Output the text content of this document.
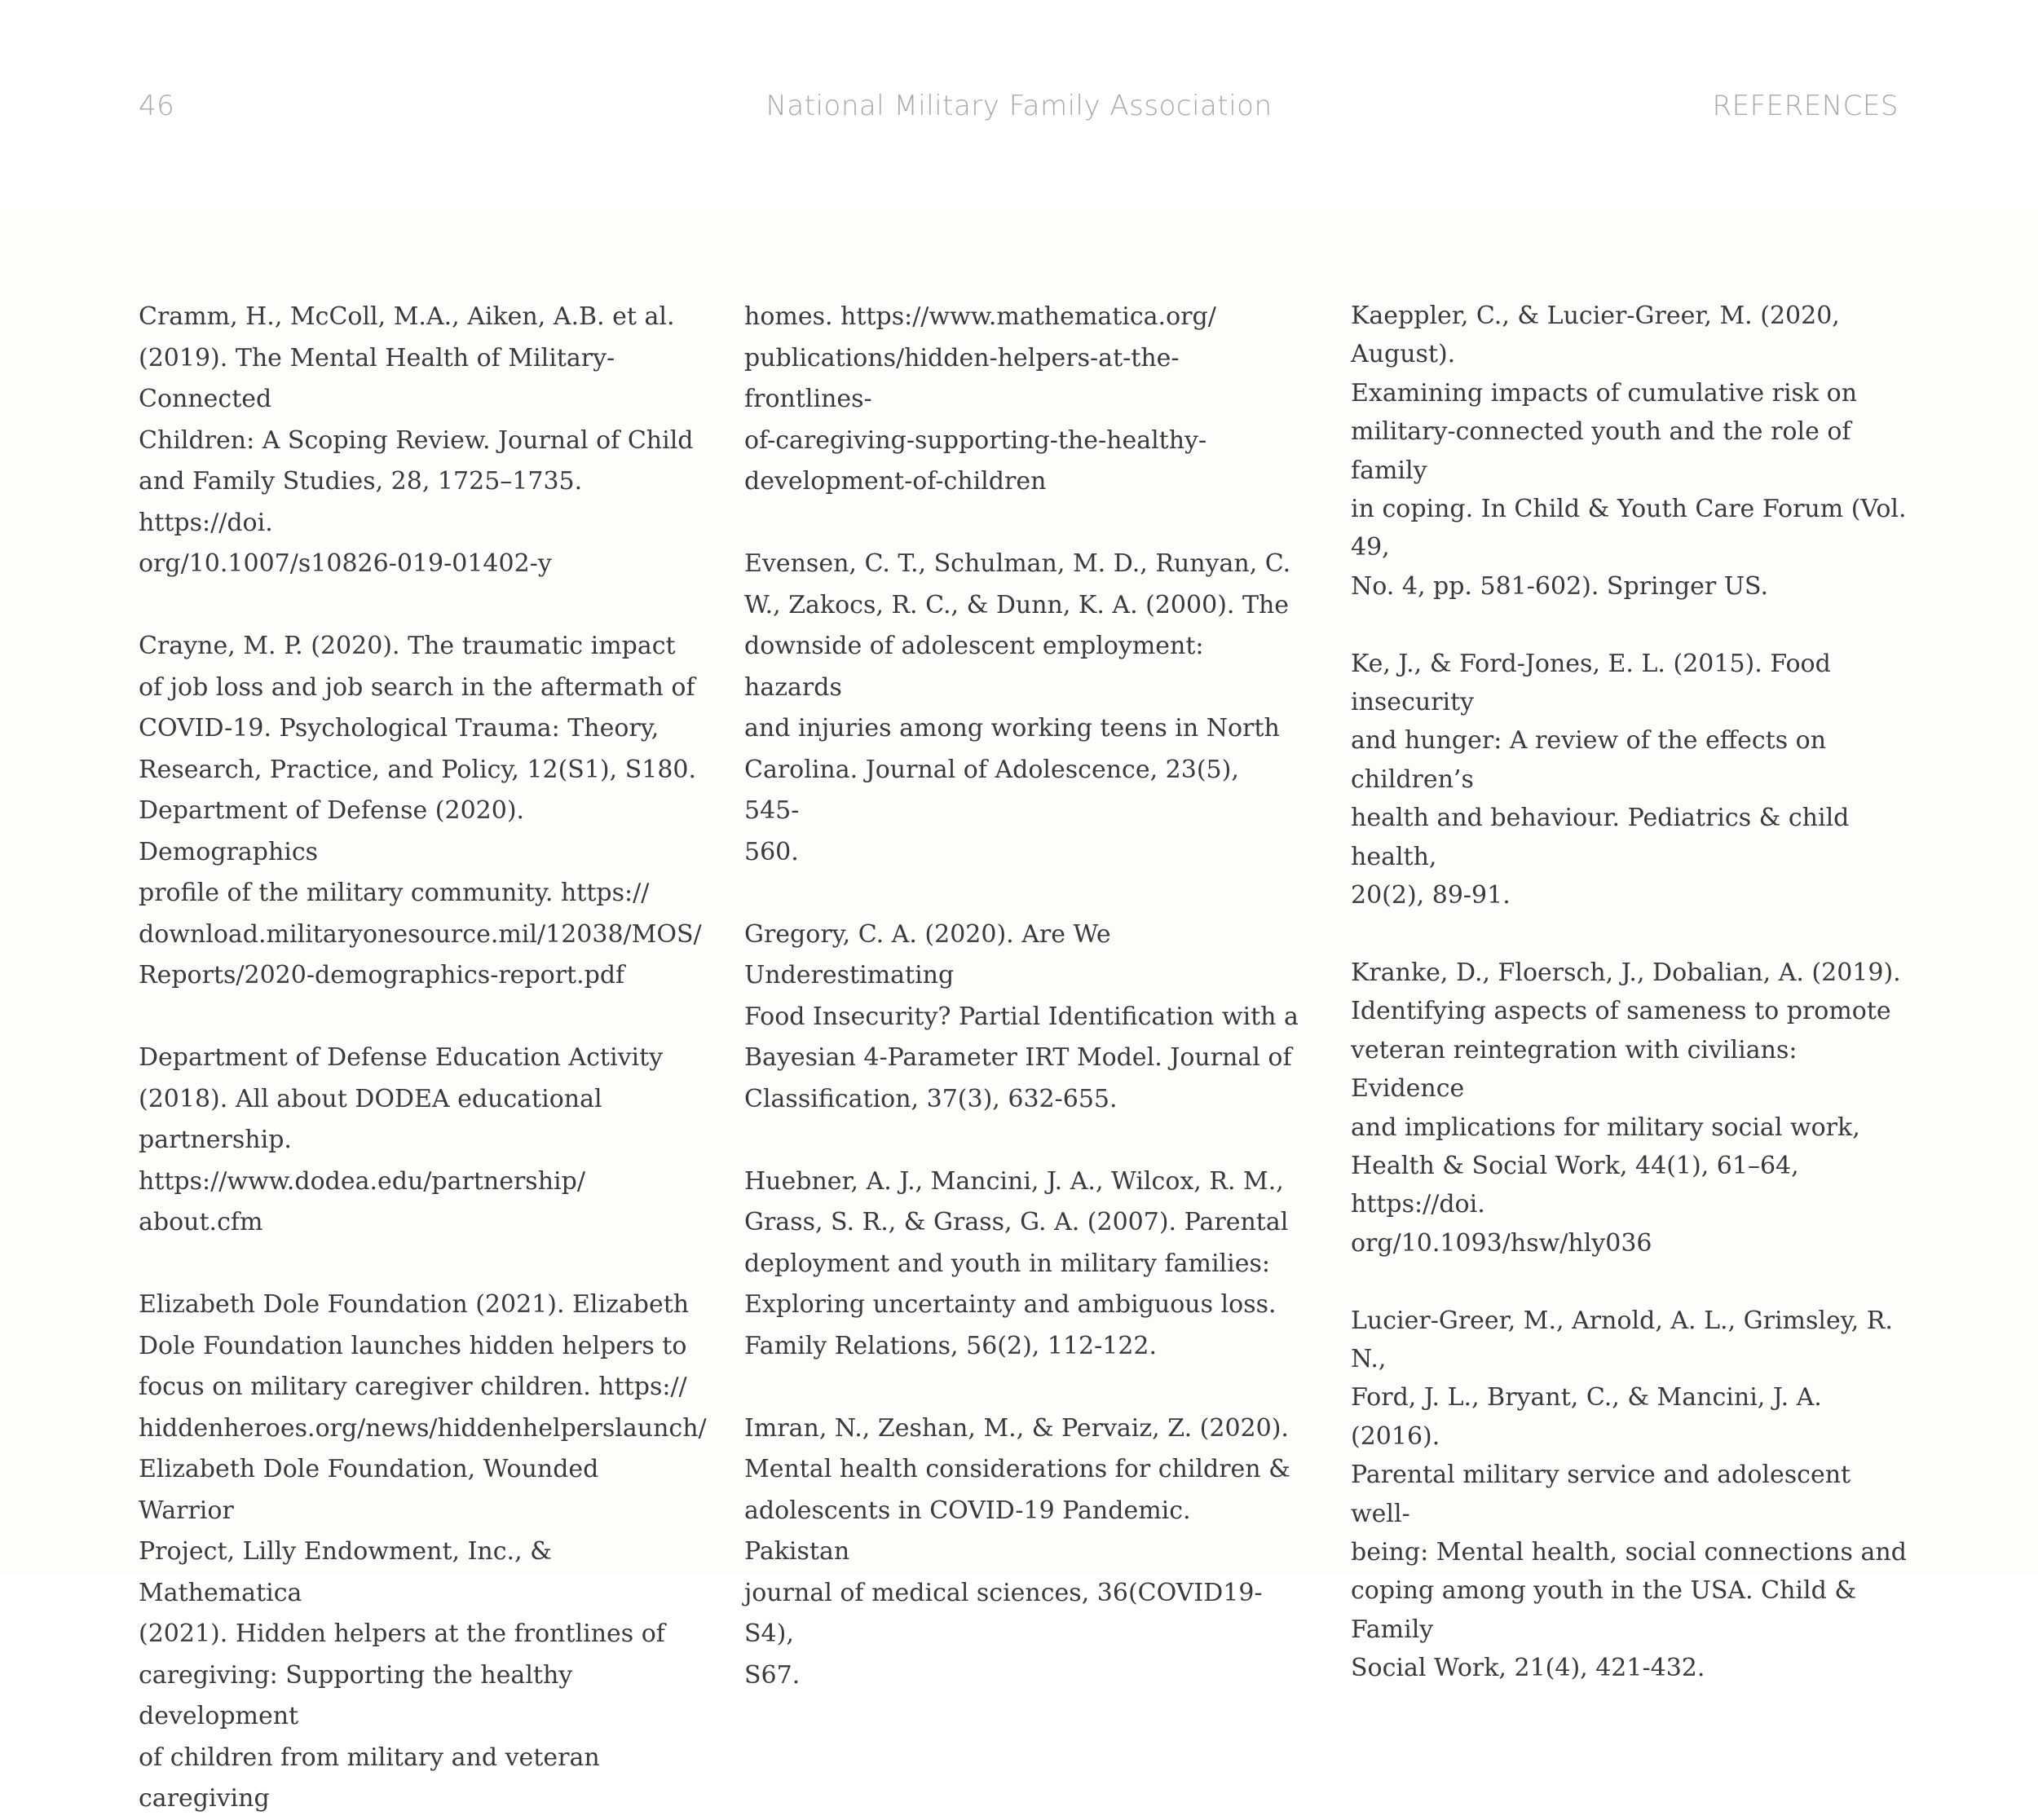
46	National Military Family Association	REFERENCES

Cramm, H., McColl, M.A., Aiken, A.B. et al.
(2019). The Mental Health of Military-Connected
Children: A Scoping Review. Journal of Child
and Family Studies, 28, 1725–1735. https://doi.
org/10.1007/s10826-019-01402-y

Crayne, M. P. (2020). The traumatic impact
of job loss and job search in the aftermath of
COVID-19. Psychological Trauma: Theory,
Research, Practice, and Policy, 12(S1), S180.
Department of Defense (2020). Demographics
profile of the military community. https://
download.militaryonesource.mil/12038/MOS/
Reports/2020-demographics-report.pdf

Department of Defense Education Activity
(2018). All about DODEA educational
partnership. https://www.dodea.edu/partnership/
about.cfm

Elizabeth Dole Foundation (2021). Elizabeth
Dole Foundation launches hidden helpers to
focus on military caregiver children. https://
hiddenheroes.org/news/hiddenhelperslaunch/
Elizabeth Dole Foundation, Wounded Warrior
Project, Lilly Endowment, Inc., & Mathematica
(2021). Hidden helpers at the frontlines of
caregiving: Supporting the healthy development
of children from military and veteran caregiving

homes. https://www.mathematica.org/
publications/hidden-helpers-at-the-frontlines-
of-caregiving-supporting-the-healthy-
development-of-children

Evensen, C. T., Schulman, M. D., Runyan, C.
W., Zakocs, R. C., & Dunn, K. A. (2000). The
downside of adolescent employment: hazards
and injuries among working teens in North
Carolina. Journal of Adolescence, 23(5), 545-
560.

Gregory, C. A. (2020). Are We Underestimating
Food Insecurity? Partial Identification with a
Bayesian 4-Parameter IRT Model. Journal of
Classification, 37(3), 632-655.

Huebner, A. J., Mancini, J. A., Wilcox, R. M.,
Grass, S. R., & Grass, G. A. (2007). Parental
deployment and youth in military families:
Exploring uncertainty and ambiguous loss.
Family Relations, 56(2), 112-122.

Imran, N., Zeshan, M., & Pervaiz, Z. (2020).
Mental health considerations for children &
adolescents in COVID-19 Pandemic. Pakistan
journal of medical sciences, 36(COVID19-S4),
S67.

Kaeppler, C., & Lucier-Greer, M. (2020, August).
Examining impacts of cumulative risk on
military-connected youth and the role of family
in coping. In Child & Youth Care Forum (Vol. 49,
No. 4, pp. 581-602). Springer US.

Ke, J., & Ford-Jones, E. L. (2015). Food insecurity
and hunger: A review of the effects on children’s
health and behaviour. Pediatrics & child health,
20(2), 89-91.

Kranke, D., Floersch, J., Dobalian, A. (2019).
Identifying aspects of sameness to promote
veteran reintegration with civilians: Evidence
and implications for military social work,
Health & Social Work, 44(1), 61–64, https://doi.
org/10.1093/hsw/hly036

Lucier-Greer, M., Arnold, A. L., Grimsley, R. N.,
Ford, J. L., Bryant, C., & Mancini, J. A. (2016).
Parental military service and adolescent well-
being: Mental health, social connections and
coping among youth in the USA. Child & Family
Social Work, 21(4), 421-432.
